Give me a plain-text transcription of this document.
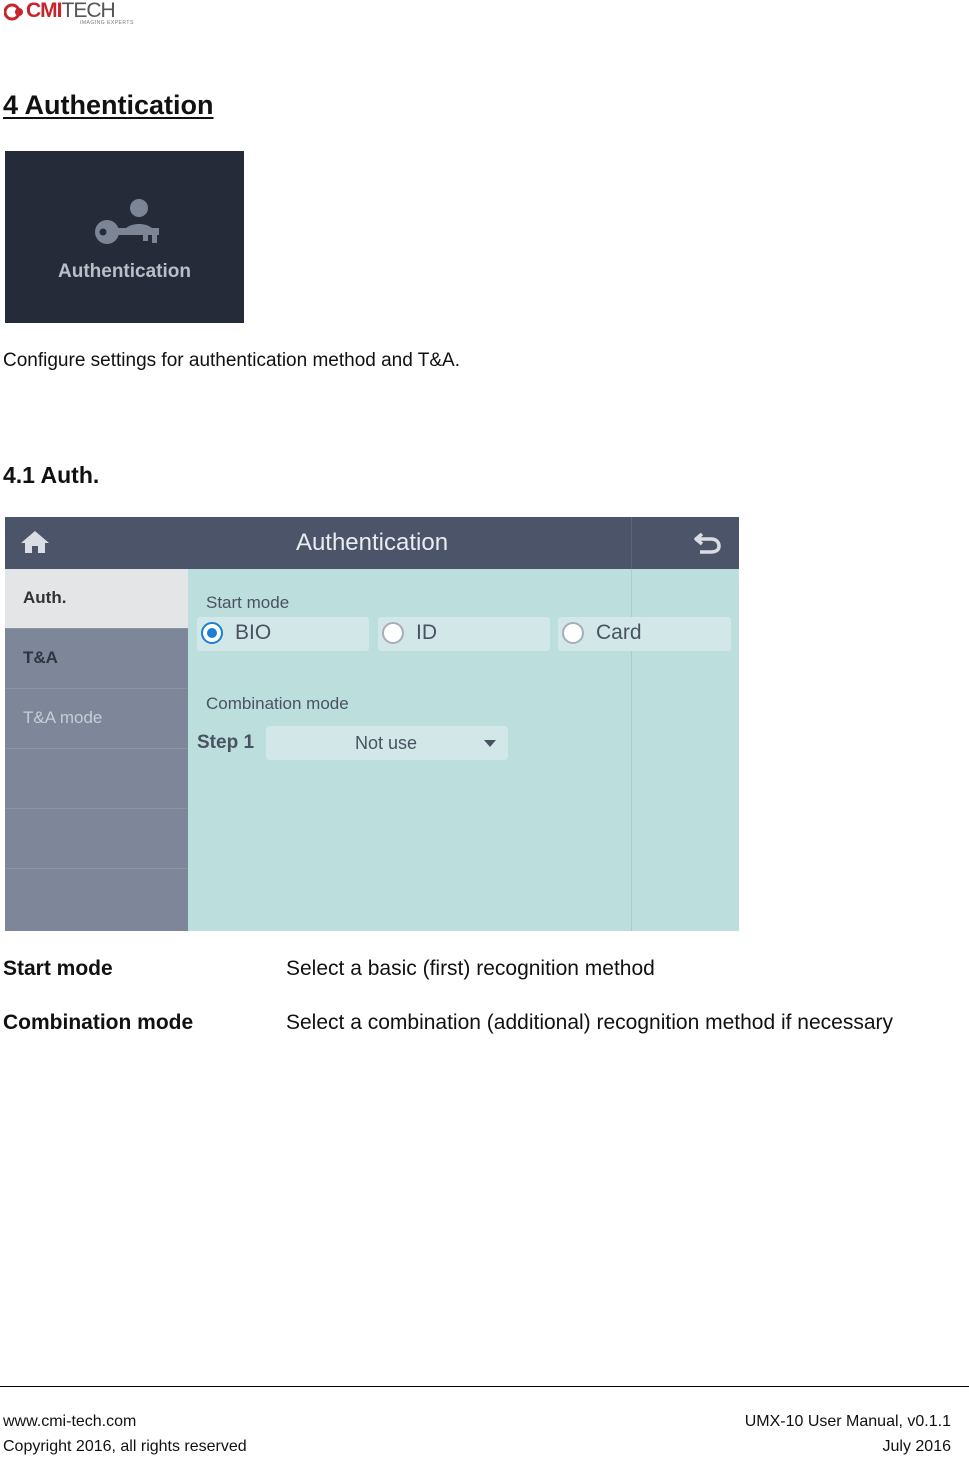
CMITECH
IMAGING EXPERTS
4 Authentication
Authentication
Configure settings for authentication method and T&A.
4.1 Auth.
Authentication
Auth.
T&A
T&A mode
Start mode
BIO	ID	Card
Combination mode
Step 1	Not use
Start mode	Select a basic (first) recognition method
Combination mode	Select a combination (additional) recognition method if necessary
www.cmi-tech.com
Copyright 2016, all rights reserved
UMX-10 User Manual, v0.1.1
July 2016
